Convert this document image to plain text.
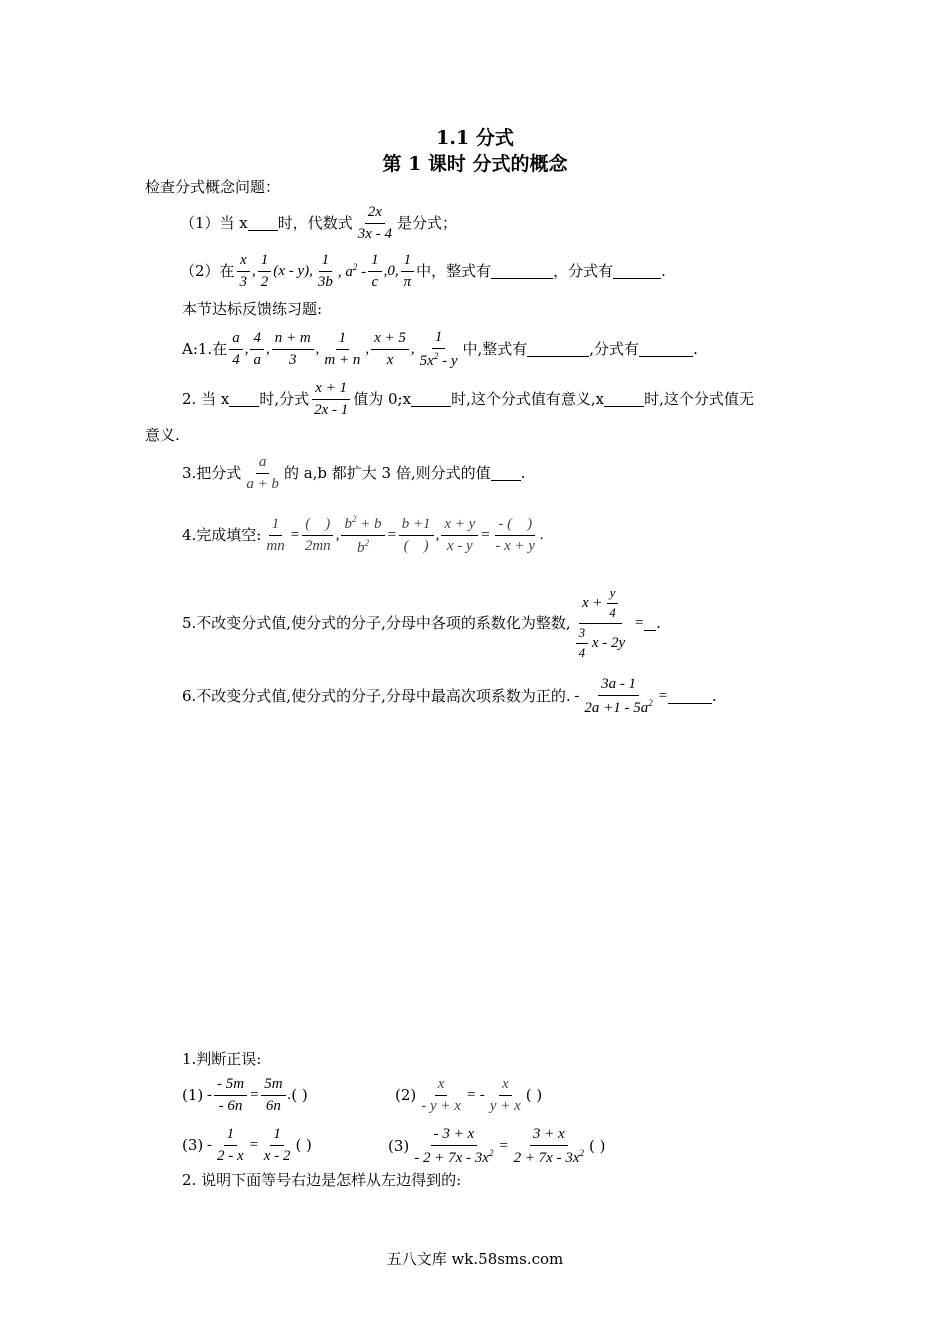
1.1 分式
第 1 课时 分式的概念
检查分式概念问题：
（1）当 x 时，代数式 $\frac{2x}{3x - 4}$ 是分式；
（2）在 $\frac{x}{3}$ , $\frac{1}{2} (x - y)$, $\frac{1}{3b}$ , $a^2 - \frac{1}{c} ,0$, $\frac{1}{\pi}$ 中，整式有	，分式有	.
本节达标反馈练习题:
A:1.在 $\frac{a}{4}$ , $\frac{4}{a}$ , $\frac{n + m}{3}$ , $\frac{1}{m + n}$ , $\frac{x + 5}{x}$ , $\frac{1}{5x^2 - y}$ 中,整式有	,分式有	.
2. 当 x 时,分式 $\frac{x + 1}{2x - 1}$ 值为 0;x	时,这个分式值有意义,x	时,这个分式值无
意义.
3.把分式 $\frac{a}{a + b}$ 的 a,b 都扩大 3 倍,则分式的值 .
4.完成填空: $\frac{1}{mn} = \frac{( )}{2mn}$ , $\frac{b^2 + b}{b^2} = \frac{b +1}{( )}$ , $\frac{x + y}{x - y} = \frac{- ( )}{- x + y}$ .
5.不改变分式值,使分式的分子,分母中各项的系数化为整数, $\frac{x + \frac{y}{4}}{\frac{3}{4} x - 2y}$ = .
6.不改变分式值,使分式的分子,分母中最高次项系数为正的. - $\frac{3a - 1}{2a +1 - 5a^2}$ =	.
1.判断正误:
$(1) - \frac{- 5m}{- 6n} = \frac{5m}{6n}$ . ( )	$(2) \frac{x}{- y + x}$ = - $\frac{x}{y + x}$ ( )
$(3) - \frac{1}{2 - x} = \frac{1}{x - 2}$ ( )	$(3) \frac{- 3 + x}{- 2 + 7x - 3x^2} = \frac{3 + x}{2 + 7x - 3x^2}$ ( )
2. 说明下面等号右边是怎样从左边得到的:
五八文库 wk.58sms.com
